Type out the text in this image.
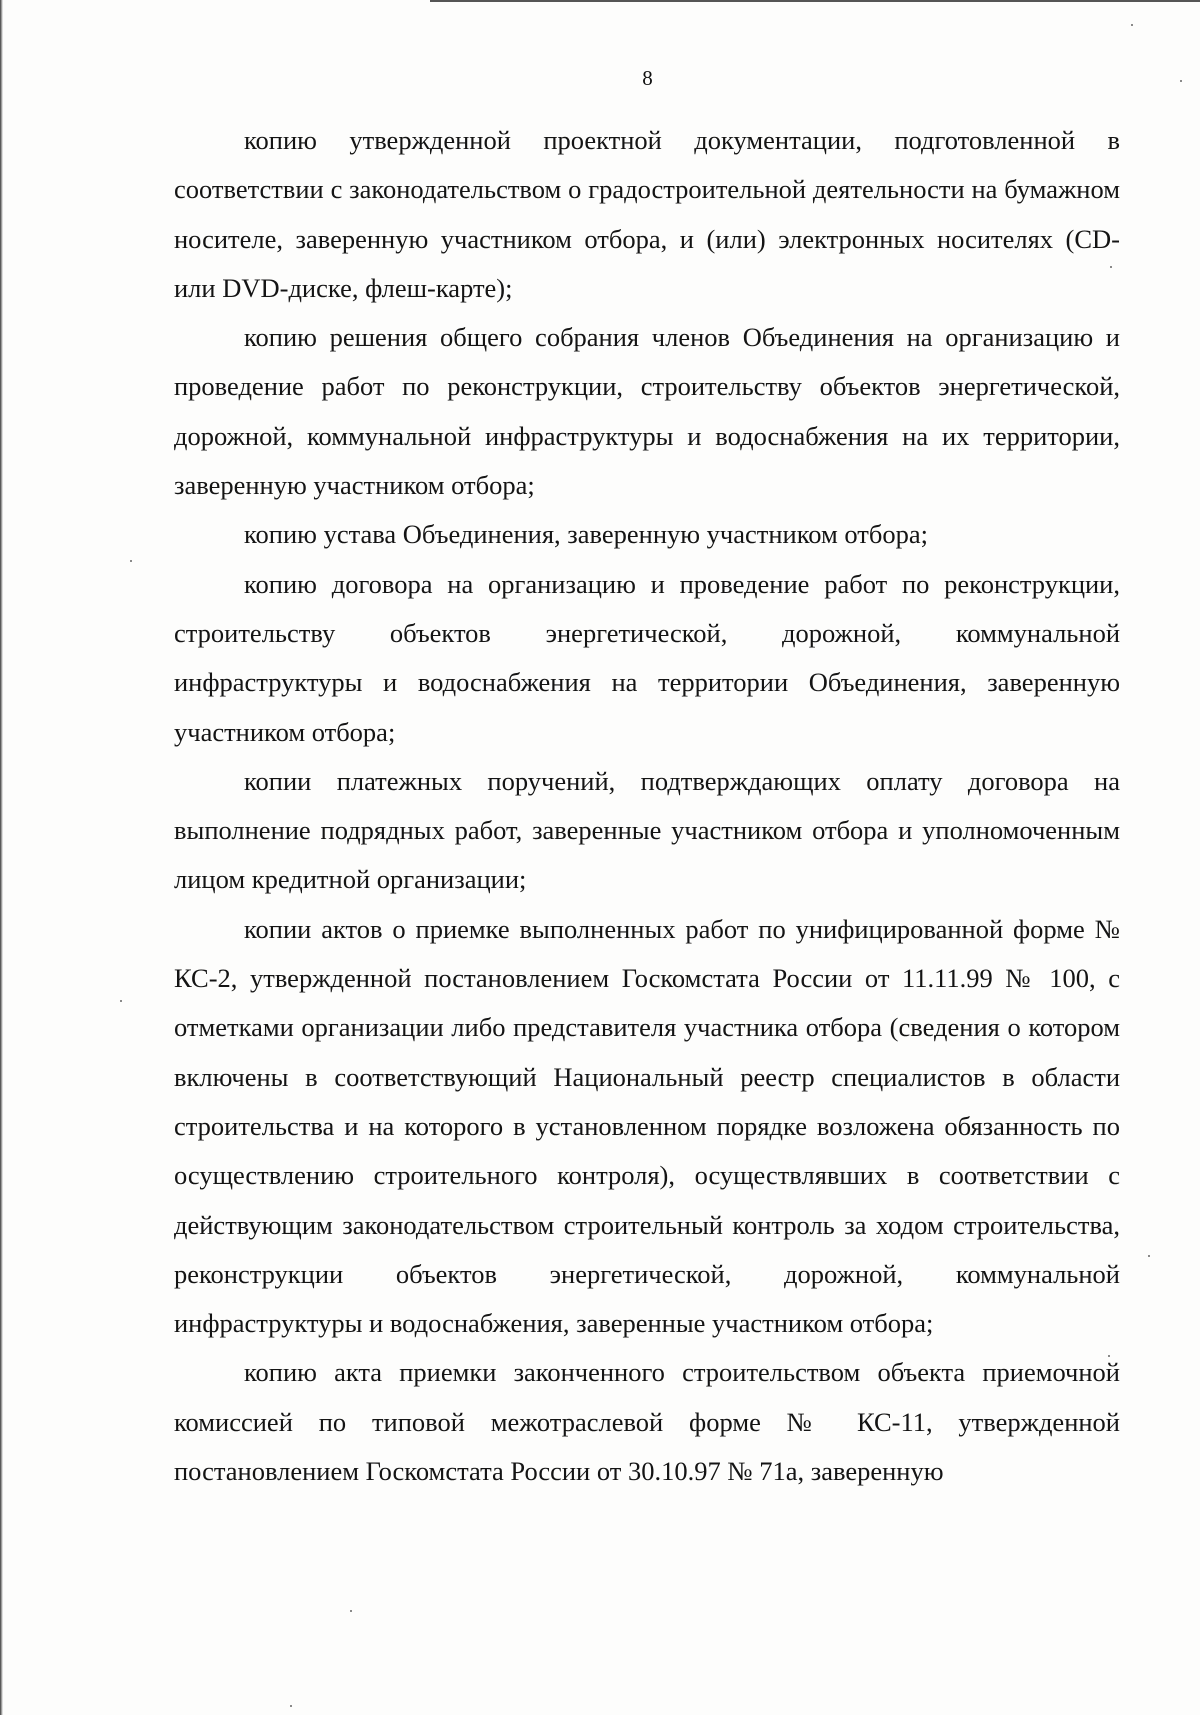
8

копию утвержденной проектной документации, подготовленной в соответствии с законодательством о градостроительной деятельности на бумажном носителе, заверенную участником отбора, и (или) электронных носителях (CD- или DVD-диске, флеш-карте);

копию решения общего собрания членов Объединения на организацию и проведение работ по реконструкции, строительству объектов энергетической, дорожной, коммунальной инфраструктуры и водоснабжения на их территории, заверенную участником отбора;

копию устава Объединения, заверенную участником отбора;

копию договора на организацию и проведение работ по реконструкции, строительству объектов энергетической, дорожной, коммунальной инфраструктуры и водоснабжения на территории Объединения, заверенную участником отбора;

копии платежных поручений, подтверждающих оплату договора на выполнение подрядных работ, заверенные участником отбора и уполномоченным лицом кредитной организации;

копии актов о приемке выполненных работ по унифицированной форме № КС-2, утвержденной постановлением Госкомстата России от 11.11.99 № 100, с отметками организации либо представителя участника отбора (сведения о котором включены в соответствующий Национальный реестр специалистов в области строительства и на которого в установленном порядке возложена обязанность по осуществлению строительного контроля), осуществлявших в соответствии с действующим законодательством строительный контроль за ходом строительства, реконструкции объектов энергетической, дорожной, коммунальной инфраструктуры и водоснабжения, заверенные участником отбора;

копию акта приемки законченного строительством объекта приемочной комиссией по типовой межотраслевой форме № КС-11, утвержденной постановлением Госкомстата России от 30.10.97 № 71а, заверенную
